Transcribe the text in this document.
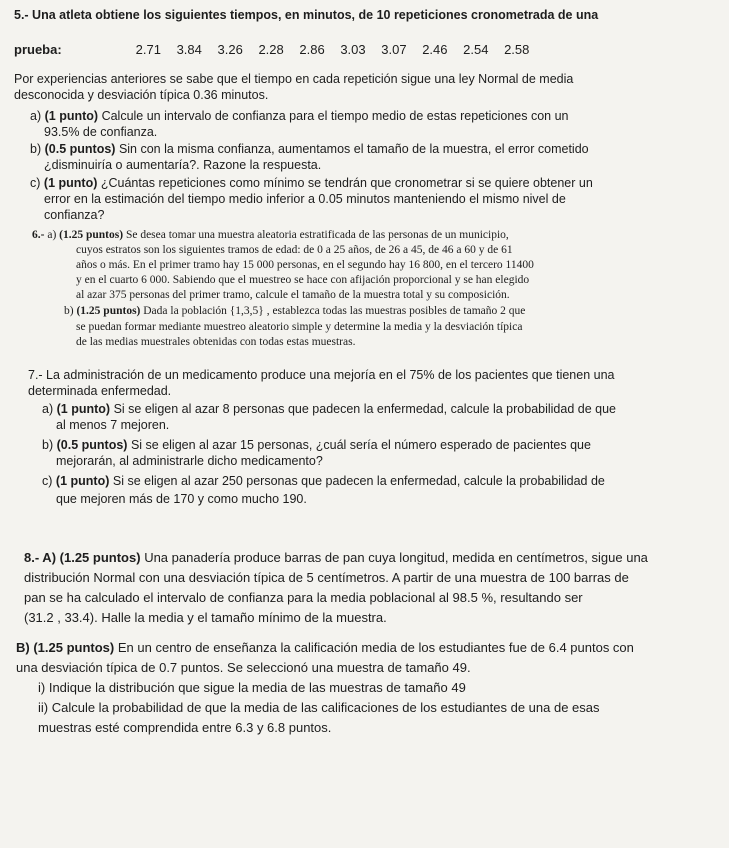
5.- Una atleta obtiene los siguientes tiempos, en minutos, de 10 repeticiones cronometrada de una
prueba:	2.71 3.84 3.26 2.28 2.86 3.03 3.07 2.46 2.54 2.58
Por experiencias anteriores se sabe que el tiempo en cada repetición sigue una ley Normal de media
desconocida y desviación típica 0.36 minutos.
a) (1 punto) Calcule un intervalo de confianza para el tiempo medio de estas repeticiones con un
93.5% de confianza.
b) (0.5 puntos) Sin con la misma confianza, aumentamos el tamaño de la muestra, el error cometido
¿disminuiría o aumentaría?. Razone la respuesta.
c) (1 punto) ¿Cuántas repeticiones como mínimo se tendrán que cronometrar si se quiere obtener un
error en la estimación del tiempo medio inferior a 0.05 minutos manteniendo el mismo nivel de
confianza?
6.- a) (1.25 puntos) Se desea tomar una muestra aleatoria estratificada de las personas de un municipio,
cuyos estratos son los siguientes tramos de edad: de 0 a 25 años, de 26 a 45, de 46 a 60 y de 61
años o más. En el primer tramo hay 15 000 personas, en el segundo hay 16 800, en el tercero 11400
y en el cuarto 6 000. Sabiendo que el muestreo se hace con afijación proporcional y se han elegido
al azar 375 personas del primer tramo, calcule el tamaño de la muestra total y su composición.
b) (1.25 puntos) Dada la población {1,3,5} , establezca todas las muestras posibles de tamaño 2 que
se puedan formar mediante muestreo aleatorio simple y determine la media y la desviación típica
de las medias muestrales obtenidas con todas estas muestras.
7.- La administración de un medicamento produce una mejoría en el 75% de los pacientes que tienen una
determinada enfermedad.
a) (1 punto) Si se eligen al azar 8 personas que padecen la enfermedad, calcule la probabilidad de que
al menos 7 mejoren.
b) (0.5 puntos) Si se eligen al azar 15 personas, ¿cuál sería el número esperado de pacientes que
mejorarán, al administrarle dicho medicamento?
c) (1 punto) Si se eligen al azar 250 personas que padecen la enfermedad, calcule la probabilidad de
que mejoren más de 170 y como mucho 190.
8.- A) (1.25 puntos) Una panadería produce barras de pan cuya longitud, medida en centímetros, sigue una
distribución Normal con una desviación típica de 5 centímetros. A partir de una muestra de 100 barras de
pan se ha calculado el intervalo de confianza para la media poblacional al 98.5 %, resultando ser
(31.2 , 33.4). Halle la media y el tamaño mínimo de la muestra.
B) (1.25 puntos) En un centro de enseñanza la calificación media de los estudiantes fue de 6.4 puntos con
una desviación típica de 0.7 puntos. Se seleccionó una muestra de tamaño 49.
i) Indique la distribución que sigue la media de las muestras de tamaño 49
ii) Calcule la probabilidad de que la media de las calificaciones de los estudiantes de una de esas
muestras esté comprendida entre 6.3 y 6.8 puntos.
